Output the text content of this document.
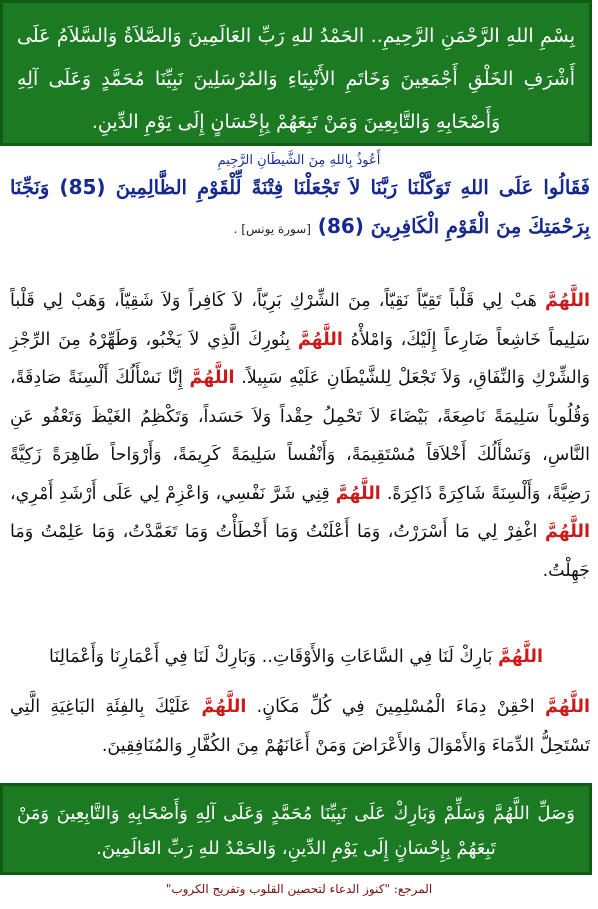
بِسْمِ اللهِ الرَّحْمَنِ الرَّحِيمِ.. الحَمْدُ للهِ رَبِّ العَالَمِينَ وَالصَّلاَةُ وَالسَّلاَمُ عَلَى أَشْرَفِ الخَلْقِ أَجْمَعِينَ وَخَاتَمِ الأَنْبِيَاءِ وَالمُرْسَلِينَ نَبِيِّنَا مُحَمَّدٍ وَعَلَى آلِهِ وَأَصْحَابِهِ وَالتَّابِعِينَ وَمَنْ تَبِعَهُمْ بِإِحْسَانٍ إِلَى يَوْمِ الدِّينِ.
أَعُوذُ بِاللهِ مِنَ الشَّيطَانِ الرَّجِيمِ
فَقَالُوا عَلَى اللهِ تَوَكَّلْنَا رَبَّنَا لاَ تَجْعَلْنَا فِتْنَةً لِّلْقَوْمِ الظَّالِمِينَ (85) وَنَجِّنَا بِرَحْمَتِكَ مِنَ الْقَوْمِ الْكَافِرِينَ (86) [سورة يونس] .
اللَّهُمَّ هَبْ لِي قَلْباً تَقِيّاً نَقِيّاً، مِنَ الشِّرْكِ بَرِيّاً، لاَ كَافِراً وَلاَ شَقِيّاً، وَهَبْ لِي قَلْباً سَلِيماً خَاشِعاً ضَارِعاً إِلَيْكَ، وَامْلأْهُ اللَّهُمَّ بِنُورِكَ الَّذِي لاَ يَخْبُو، وَطَهِّرْهُ مِنَ الرِّجْزِ وَالشِّرْكِ وَالنِّفَاقِ، وَلاَ تَجْعَلْ لِلشَّيْطَانِ عَلَيْهِ سَبِيلاً. اللَّهُمَّ إِنَّا نَسْأَلُكَ أَلْسِنَةً صَادِقَةً، وَقُلُوباً سَلِيمَةً نَاصِعَةً، بَيْضَاءَ لاَ تَحْمِلُ حِقْداً وَلاَ حَسَداً، وَتَكْظِمُ الغَيْظَ وَتَعْفُو عَنِ النَّاسِ، وَنَسْأَلُكَ أَخْلاَقاً مُسْتَقِيمَةً، وَأَنْفُساً سَلِيمَةً كَرِيمَةً، وَأَرْوَاحاً طَاهِرَةً زَكِيَّةً رَضِيَّةً، وَأَلْسِنَةً شَاكِرَةً ذَاكِرَةً. اللَّهُمَّ قِنِي شَرَّ نَفْسِي، وَاعْزِمْ لِي عَلَى أَرْشَدِ أَمْرِي، اللَّهُمَّ اغْفِرْ لِي مَا أَسْرَرْتُ، وَمَا أَعْلَنْتُ وَمَا أَخْطَأْتُ وَمَا تَعَمَّدْتُ، وَمَا عَلِمْتُ وَمَا جَهِلْتُ.
اللَّهُمَّ بَارِكْ لَنَا فِي السَّاعَاتِ وَالأَوْقَاتِ.. وَبَارِكْ لَنَا فِي أَعْمَارِنَا وَأَعْمَالِنَا
اللَّهُمَّ احْقِنْ دِمَاءَ الْمُسْلِمِينَ فِي كُلِّ مَكَانٍ. اللَّهُمَّ عَلَيْكَ بِالفِئَةِ البَاغِيَةِ الَّتِي تَسْتَحِلُّ الدِّمَاءَ وَالأَمْوَالَ وَالأَعْرَاضَ وَمَنْ أَعَانَهُمْ مِنَ الكُفَّارِ وَالمُنَافِقِينَ.
وَصَلِّ اللَّهُمَّ وَسَلِّمْ وَبَارِكْ عَلَى نَبِيِّنَا مُحَمَّدٍ وَعَلَى آلِهِ وَأَصْحَابِهِ وَالتَّابِعِينَ وَمَنْ تَبِعَهُمْ بِإِحْسَانٍ إِلَى يَوْمِ الدِّينِ، وَالحَمْدُ للهِ رَبِّ العَالَمِينَ.
المرجع: "كنوز الدعاء لتحصين القلوب وتفريج الكروب"
